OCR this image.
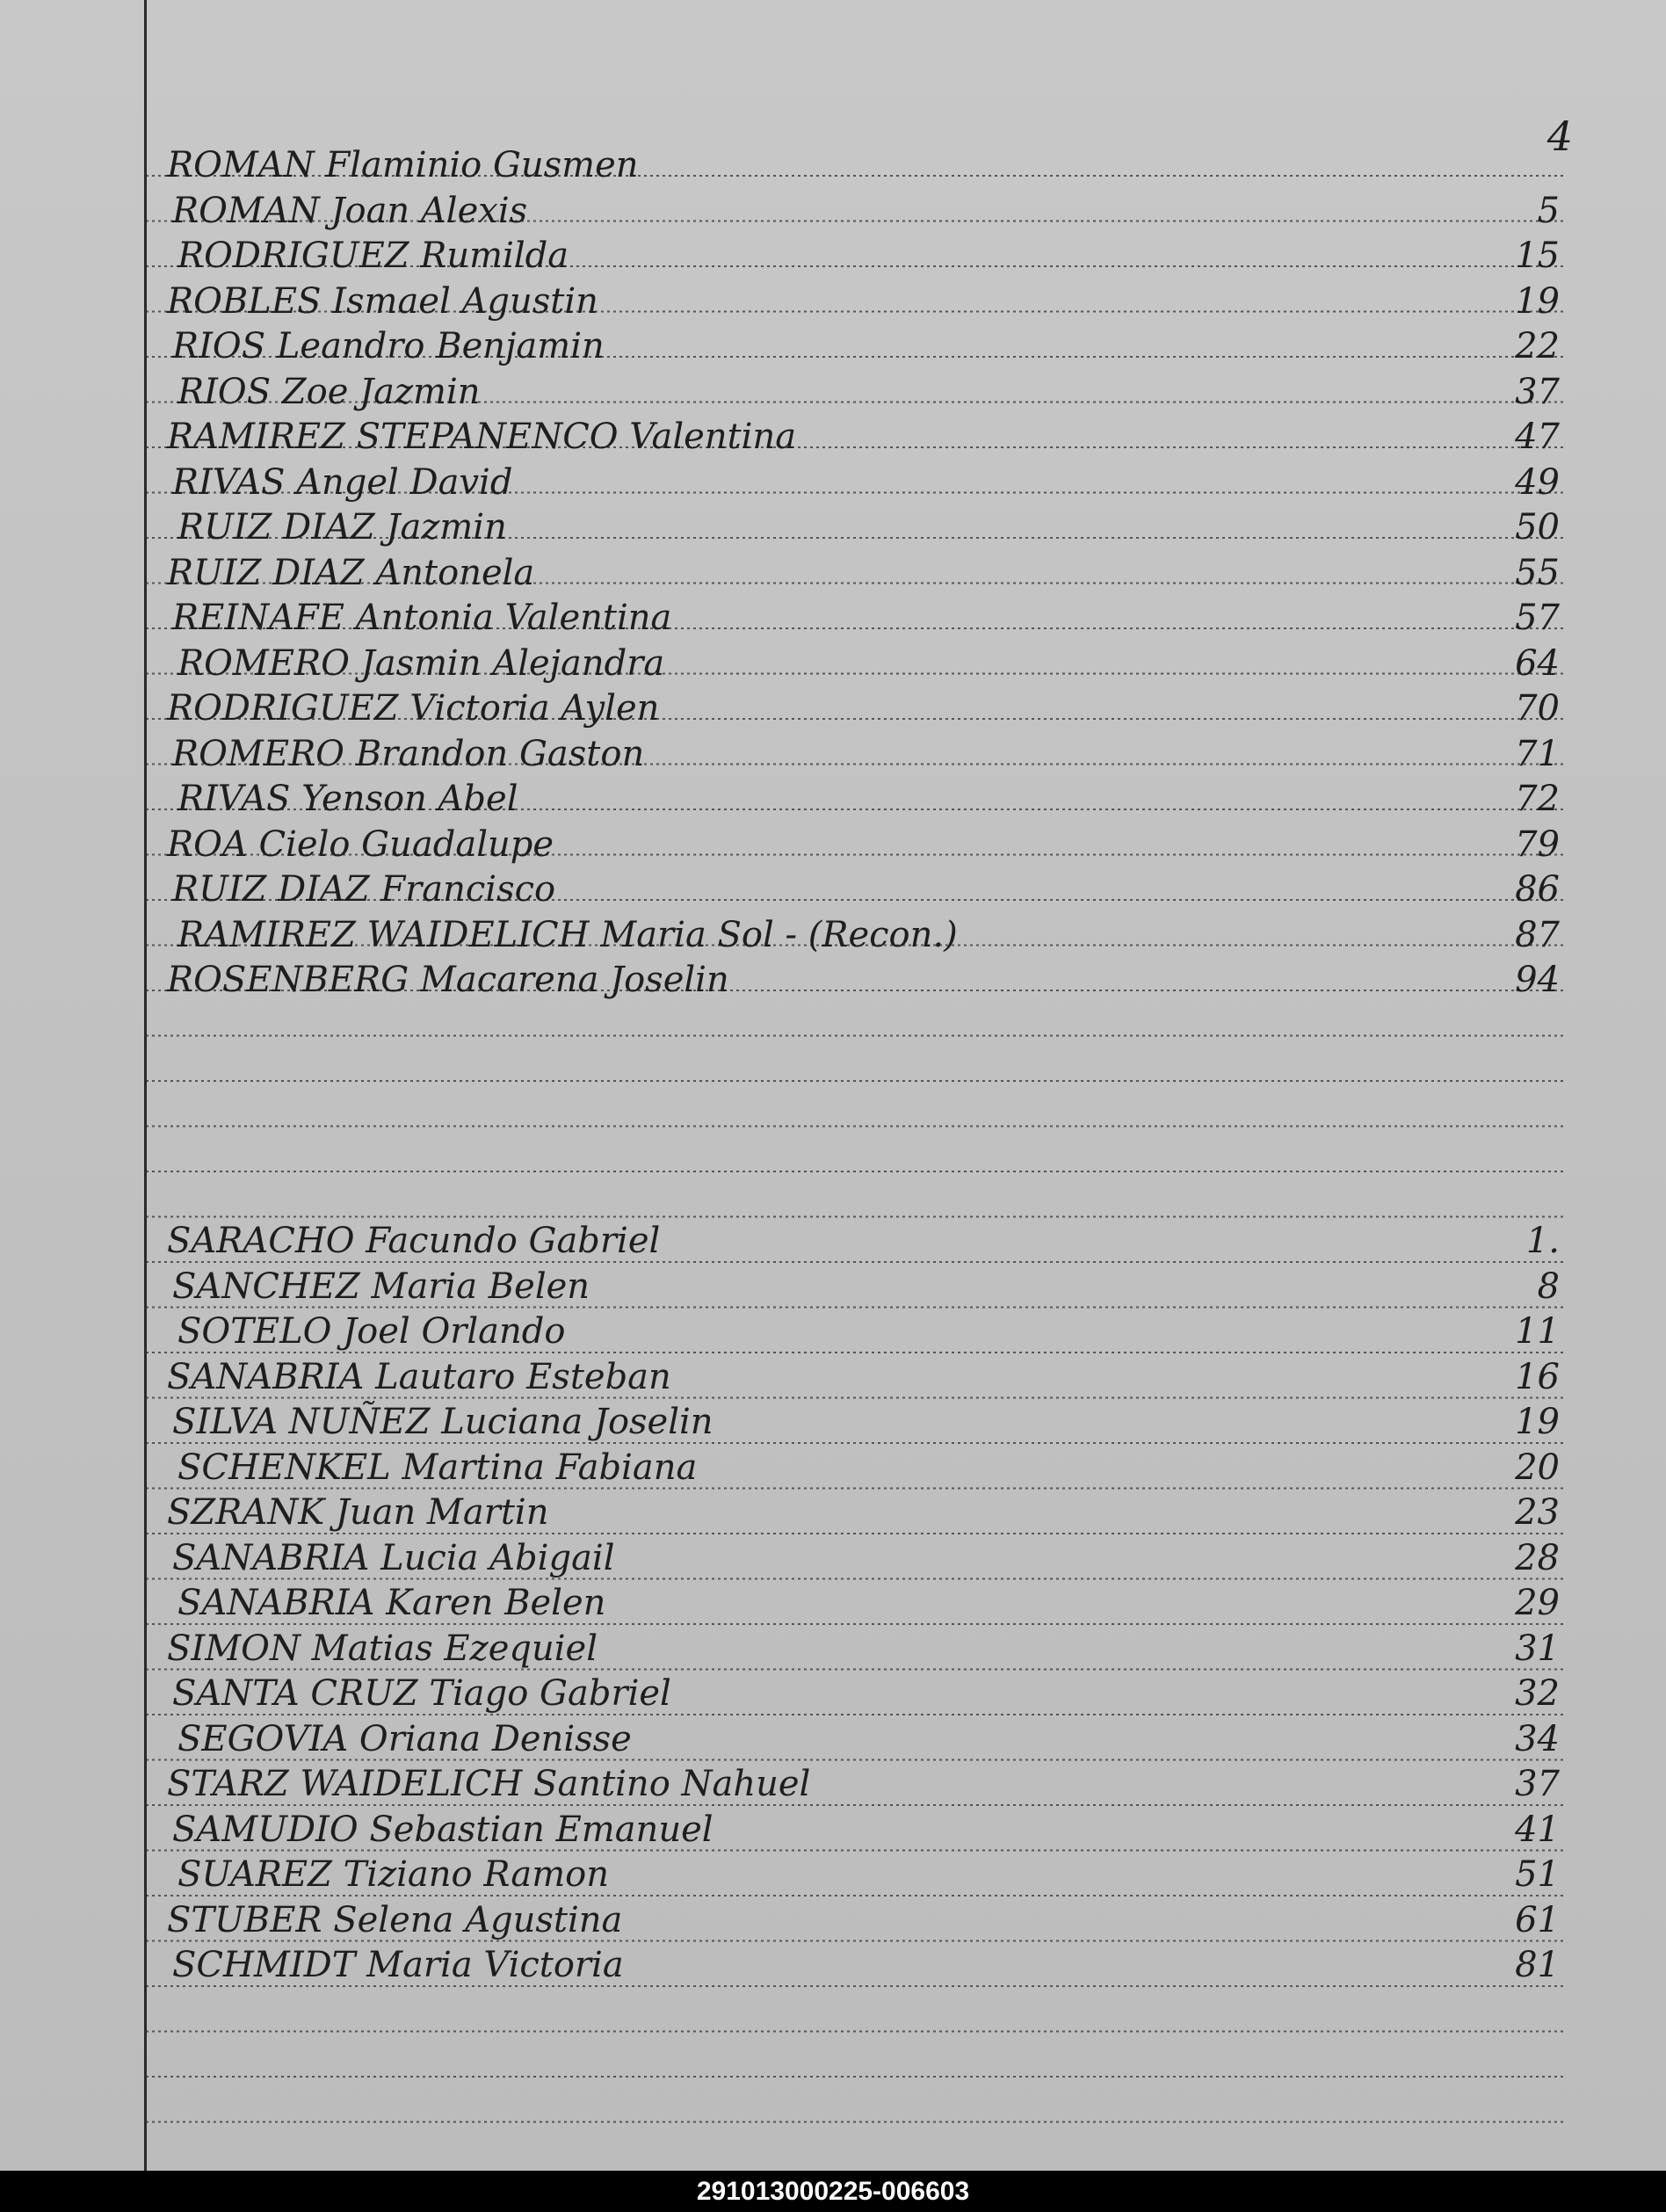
4
ROMAN Flaminio Gusmen
ROMAN Joan Alexis	5
RODRIGUEZ Rumilda	15
ROBLES Ismael Agustin	19
RIOS Leandro Benjamin	22
RIOS Zoe Jazmin	37
RAMIREZ STEPANENCO Valentina	47
RIVAS Angel David	49
RUIZ DIAZ Jazmin	50
RUIZ DIAZ Antonela	55
REINAFE Antonia Valentina	57
ROMERO Jasmin Alejandra	64
RODRIGUEZ Victoria Aylen	70
ROMERO Brandon Gaston	71
RIVAS Yenson Abel	72
ROA Cielo Guadalupe	79
RUIZ DIAZ Francisco	86
RAMIREZ WAIDELICH Maria Sol - (Recon.)	87
ROSENBERG Macarena Joselin	94
SARACHO Facundo Gabriel	1.
SANCHEZ Maria Belen	8
SOTELO Joel Orlando	11
SANABRIA Lautaro Esteban	16
SILVA NUÑEZ Luciana Joselin	19
SCHENKEL Martina Fabiana	20
SZRANK Juan Martin	23
SANABRIA Lucia Abigail	28
SANABRIA Karen Belen	29
SIMON Matias Ezequiel	31
SANTA CRUZ Tiago Gabriel	32
SEGOVIA Oriana Denisse	34
STARZ WAIDELICH Santino Nahuel	37
SAMUDIO Sebastian Emanuel	41
SUAREZ Tiziano Ramon	51
STUBER Selena Agustina	61
SCHMIDT Maria Victoria	81
291013000225-006603
